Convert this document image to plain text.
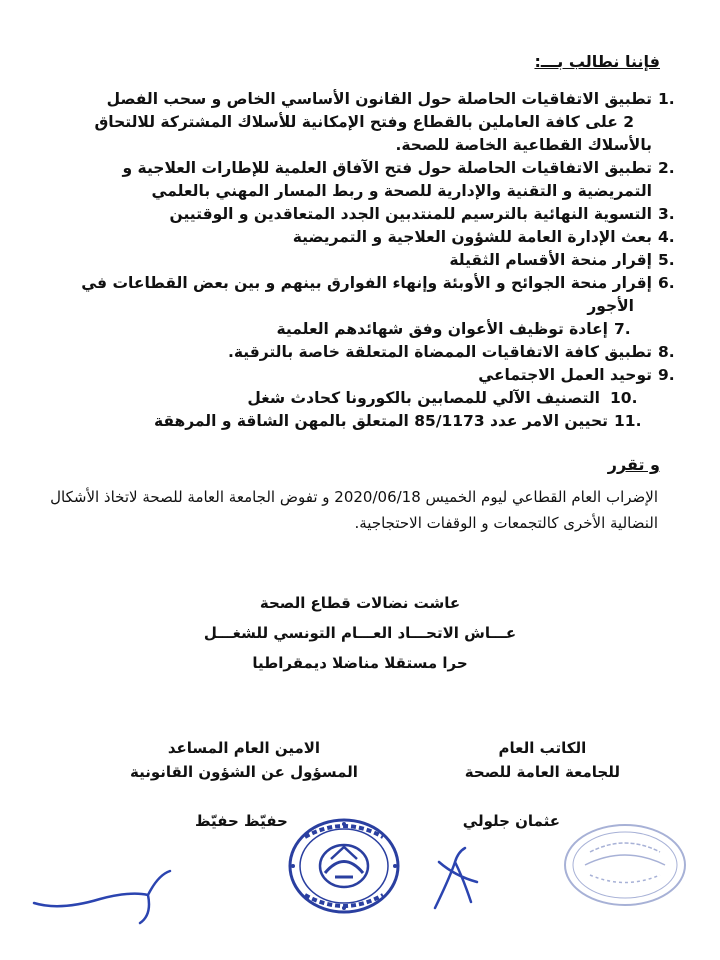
فإننا نطالب بـــ:
1.
تطبيق الاتفاقيات الحاصلة حول القانون الأساسي الخاص و سحب الفصل
2 على كافة العاملين بالقطاع وفتح الإمكانية للأسلاك المشتركة للالتحاق
بالأسلاك القطاعية الخاصة للصحة.
2.
تطبيق الاتفاقيات الحاصلة حول فتح الآفاق العلمية للإطارات العلاجية و
التمريضية و التقنية والإدارية للصحة و ربط المسار المهني بالعلمي
3.
التسوية النهائية بالترسيم للمنتدبين الجدد المتعاقدين و الوقتيين
4.
بعث الإدارة العامة للشؤون العلاجية و التمريضية
5.
إقرار منحة الأقسام الثقيلة
6.
إقرار منحة الجوائح و الأوبئة وإنهاء الفوارق بينهم و بين بعض القطاعات في
الأجور
7.
إعادة توظيف الأعوان وفق شهائدهم العلمية
8.
تطبيق كافة الاتفاقيات الممضاة المتعلقة خاصة بالترقية.
9.
توحيد العمل الاجتماعي
10.
التصنيف الآلي للمصابين بالكورونا كحادث شغل
11.
تحيين الامر عدد 85/1173 المتعلق بالمهن الشاقة و المرهقة
و تقرر
الإضراب العام القطاعي ليوم الخميس 2020/06/18 و تفوض الجامعة العامة للصحة لاتخاذ الأشكال النضالية الأخرى كالتجمعات و الوقفات الاحتجاجية.
عاشت نضالات قطاع الصحة
عـــاش الاتحـــاد العـــام التونسي للشغـــل
حرا مستقلا مناضلا ديمقراطيا
الكاتب العام
للجامعة العامة للصحة
الامين العام المساعد
المسؤول عن الشؤون القانونية
عثمان جلولي
حفيّظ حفيّظ
